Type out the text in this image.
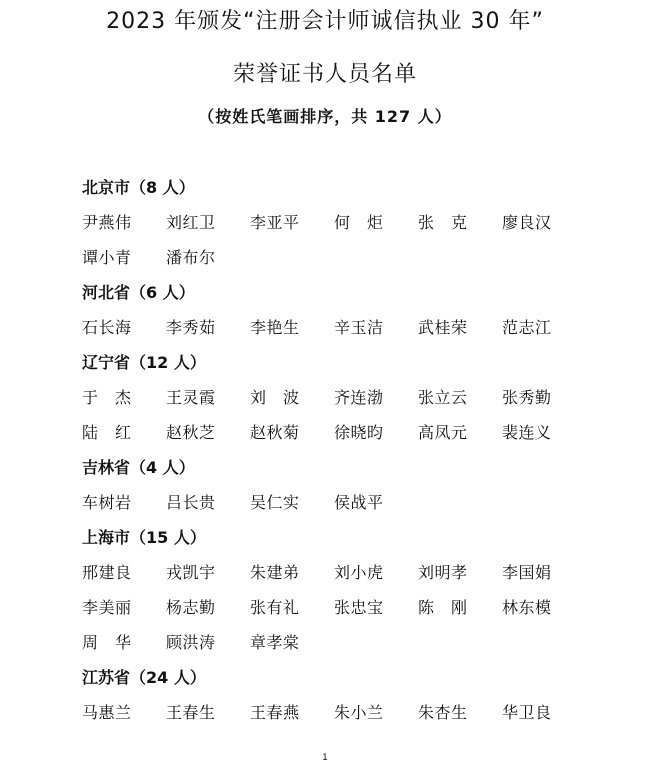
2023 年颁发“注册会计师诚信执业 30 年”
荣誉证书人员名单
（按姓氏笔画排序，共 127 人）
北京市（8 人）
尹燕伟 刘红卫 李亚平 何　炬 张　克 廖良汉
谭小青 潘布尔
河北省（6 人）
石长海 李秀茹 李艳生 辛玉洁 武桂荣 范志江
辽宁省（12 人）
于　杰 王灵霞 刘　波 齐连渤 张立云 张秀勤
陆　红 赵秋芝 赵秋菊 徐晓昀 高凤元 裴连义
吉林省（4 人）
车树岩 吕长贵 吴仁实 侯战平
上海市（15 人）
邢建良 戎凯宇 朱建弟 刘小虎 刘明孝 李国娟
李美丽 杨志勤 张有礼 张忠宝 陈　刚 林东模
周　华 顾洪涛 章孝棠
江苏省（24 人）
马惠兰 王春生 王春燕 朱小兰 朱杏生 华卫良
1
